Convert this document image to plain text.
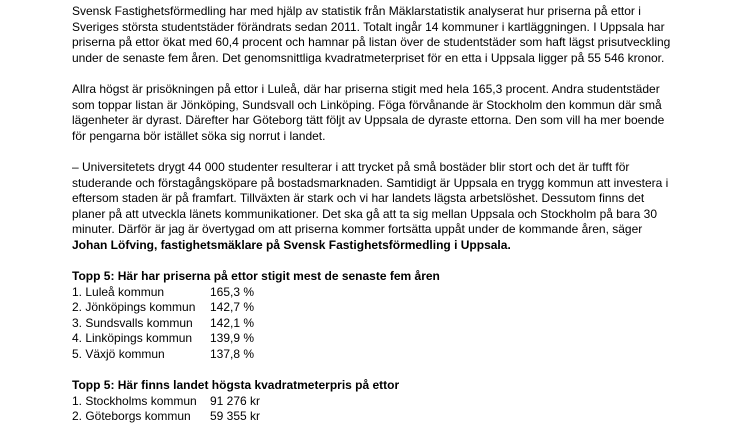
Svensk Fastighetsförmedling har med hjälp av statistik från Mäklarstatistik analyserat hur priserna på ettor i
Sveriges största studentstäder förändrats sedan 2011. Totalt ingår 14 kommuner i kartläggningen. I Uppsala har
priserna på ettor ökat med 60,4 procent och hamnar på listan över de studentstäder som haft lägst prisutveckling
under de senaste fem åren. Det genomsnittliga kvadratmeterpriset för en etta i Uppsala ligger på 55 546 kronor.

Allra högst är prisökningen på ettor i Luleå, där har priserna stigit med hela 165,3 procent. Andra studentstäder
som toppar listan är Jönköping, Sundsvall och Linköping. Föga förvånande är Stockholm den kommun där små
lägenheter är dyrast. Därefter har Göteborg tätt följt av Uppsala de dyraste ettorna. Den som vill ha mer boende
för pengarna bör istället söka sig norrut i landet.

– Universitetets drygt 44 000 studenter resulterar i att trycket på små bostäder blir stort och det är tufft för
studerande och förstagångsköpare på bostadsmarknaden. Samtidigt är Uppsala en trygg kommun att investera i
eftersom staden är på framfart. Tillväxten är stark och vi har landets lägsta arbetslöshet. Dessutom finns det
planer på att utveckla länets kommunikationer. Det ska gå att ta sig mellan Uppsala och Stockholm på bara 30
minuter. Därför är jag är övertygad om att priserna kommer fortsätta uppåt under de kommande åren, säger
Johan Löfving, fastighetsmäklare på Svensk Fastighetsförmedling i Uppsala.

Topp 5: Här har priserna på ettor stigit mest de senaste fem åren
1. Luleå kommun	165,3 %
2. Jönköpings kommun 142,7 %
3. Sundsvalls kommun 142,1 %
4. Linköpings kommun 139,9 %
5. Växjö kommun	137,8 %
Topp 5: Här finns landet högsta kvadratmeterpris på ettor
1. Stockholms kommun 91 276 kr
2. Göteborgs kommun 59 355 kr
